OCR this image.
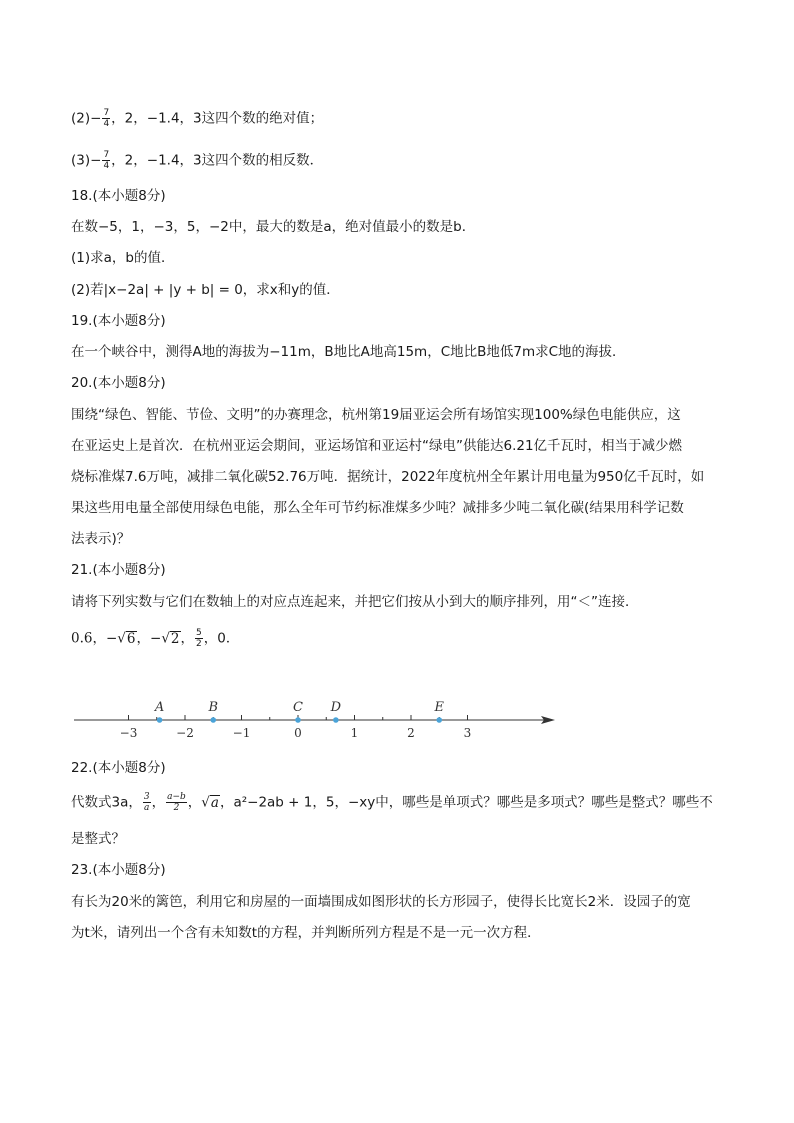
$(2)- \frac{7}{4}$ ，2，−1.4，3这四个数的绝对值；
$(3)- \frac{7}{4}$ ，2，−1.4，3这四个数的相反数．
18.(本小题8分)
在数−5，1，−3，5，−2中，最大的数是a，绝对值最小的数是b．
(1)求a，b的值．
(2)若|x−2a| + |y + b| = 0，求x和y的值．
19.(本小题8分)
在一个峡谷中，测得A地的海拔为−11m，B地比A地高15m，C地比B地低7m求C地的海拔．
20.(本小题8分)
围绕“绿色、智能、节俭、文明”的办赛理念，杭州第19届亚运会所有场馆实现100%绿色电能供应，这
在亚运史上是首次．在杭州亚运会期间，亚运场馆和亚运村“绿电”供能达6.21亿千瓦时，相当于减少燃
烧标准煤7.6万吨，减排二氧化碳52.76万吨．据统计，2022年度杭州全年累计用电量为950亿千瓦时，如
果这些用电量全部使用绿色电能，那么全年可节约标准煤多少吨？减排多少吨二氧化碳(结果用科学记数
法表示)？
21.(本小题8分)
请将下列实数与它们在数轴上的对应点连起来，并把它们按从小到大的顺序排列，用“＜”连接．
0.6，−√6，−√2， $\frac{5}{2}$ ，0．
−3	−2	−1	0	1	2	3
A	B	C D	E
22.(本小题8分)
代数式3a， $\frac{3}{a}$ ， $\frac{a-b}{2}$ ，√a，a²−2ab + 1，5，−xy中，哪些是单项式？哪些是多项式？哪些是整式？哪些不
是整式？
23.(本小题8分)
有长为20米的篱笆，利用它和房屋的一面墙围成如图形状的长方形园子，使得长比宽长2米．设园子的宽
为t米，请列出一个含有未知数t的方程，并判断所列方程是不是一元一次方程．
